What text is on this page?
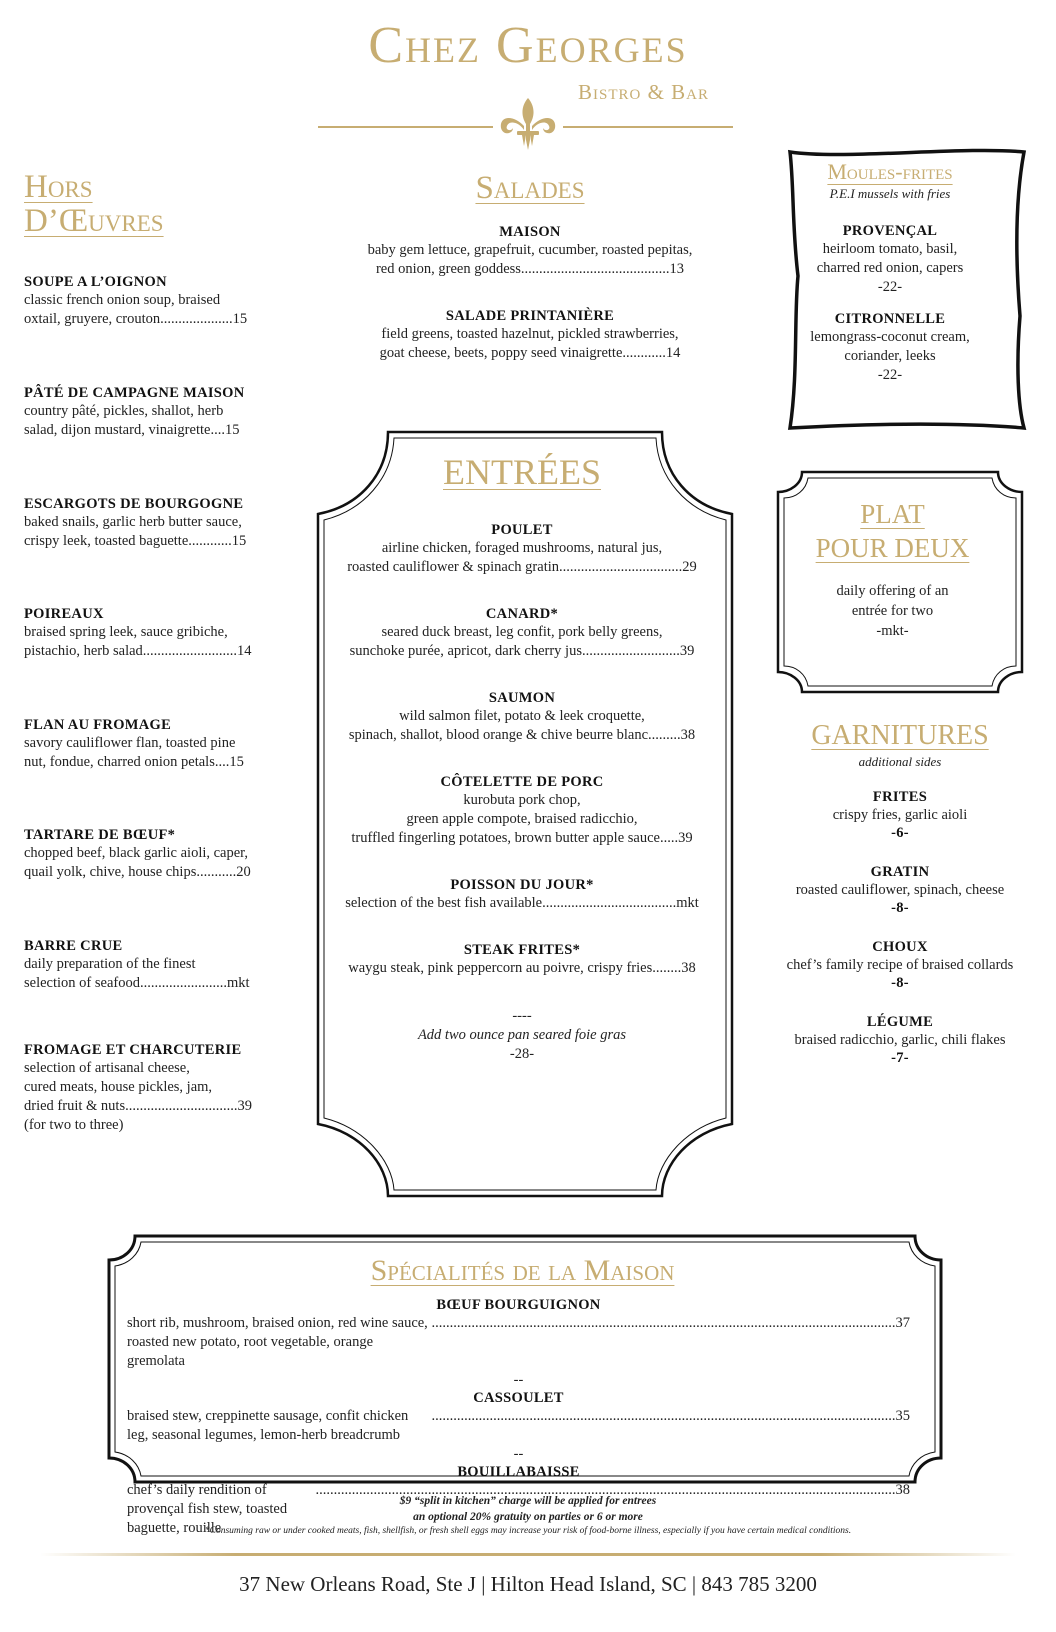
Chez Georges
Bistro & Bar
Hors
D’Œuvres
SOUPE A L’OIGNON
classic french onion soup, braised
oxtail, gruyere, crouton....................15
PÂTÉ DE CAMPAGNE MAISON
country pâté, pickles, shallot, herb
salad, dijon mustard, vinaigrette....15
ESCARGOTS DE BOURGOGNE
baked snails, garlic herb butter sauce,
crispy leek, toasted baguette............15
POIREAUX
braised spring leek, sauce gribiche,
pistachio, herb salad..........................14
FLAN AU FROMAGE
savory cauliflower flan, toasted pine
nut, fondue, charred onion petals....15
TARTARE DE BŒUF*
chopped beef, black garlic aioli, caper,
quail yolk, chive, house chips...........20
BARRE CRUE
daily preparation of the finest
selection of seafood........................mkt
FROMAGE ET CHARCUTERIE
selection of artisanal cheese,
cured meats, house pickles, jam,
dried fruit & nuts...............................39
(for two to three)
Salades
MAISON
baby gem lettuce, grapefruit, cucumber, roasted pepitas,
red onion, green goddess.........................................13
SALADE PRINTANIÈRE
field greens, toasted hazelnut, pickled strawberries,
goat cheese, beets, poppy seed vinaigrette............14
ENTRÉES
POULET
airline chicken, foraged mushrooms, natural jus,
roasted cauliflower & spinach gratin..................................29
CANARD*
seared duck breast, leg confit, pork belly greens,
sunchoke purée, apricot, dark cherry jus...........................39
SAUMON
wild salmon filet, potato & leek croquette,
spinach, shallot, blood orange & chive beurre blanc.........38
CÔTELETTE DE PORC
kurobuta pork chop,
green apple compote, braised radicchio,
truffled fingerling potatoes, brown butter apple sauce.....39
POISSON DU JOUR*
selection of the best fish available.....................................mkt
STEAK FRITES*
waygu steak, pink peppercorn au poivre, crispy fries........38
----
Add two ounce pan seared foie gras
-28-
Moules-frites
P.E.I mussels with fries
PROVENÇAL
heirloom tomato, basil,
charred red onion, capers
-22-
CITRONNELLE
lemongrass-coconut cream,
coriander, leeks
-22-
PLAT
POUR DEUX
daily offering of an
entrée for two
-mkt-
GARNITURES
additional sides
FRITES
crispy fries, garlic aioli
-6-
GRATIN
roasted cauliflower, spinach, cheese
-8-
CHOUX
chef’s family recipe of braised collards
-8-
LÉGUME
braised radicchio, garlic, chili flakes
-7-
Spécialités de la Maison
BŒUF BOURGUIGNON
short rib, mushroom, braised onion, red wine sauce, roasted new potato, root vegetable, orange gremolata
................................................................................................................................ 37
--
CASSOULET
braised stew, creppinette sausage, confit chicken leg, seasonal legumes, lemon-herb breadcrumb
................................................................................................................................ 35
--
BOUILLABAISSE
chef’s daily rendition of provençal fish stew, toasted baguette, rouille
................................................................................................................................................................ 38
$9 “split in kitchen” charge will be applied for entrees
an optional 20% gratuity on parties or 6 or more
*Consuming raw or under cooked meats, fish, shellfish, or fresh shell eggs may increase your risk of food-borne illness, especially if you have certain medical conditions.
37 New Orleans Road, Ste J | Hilton Head Island, SC | 843 785 3200
